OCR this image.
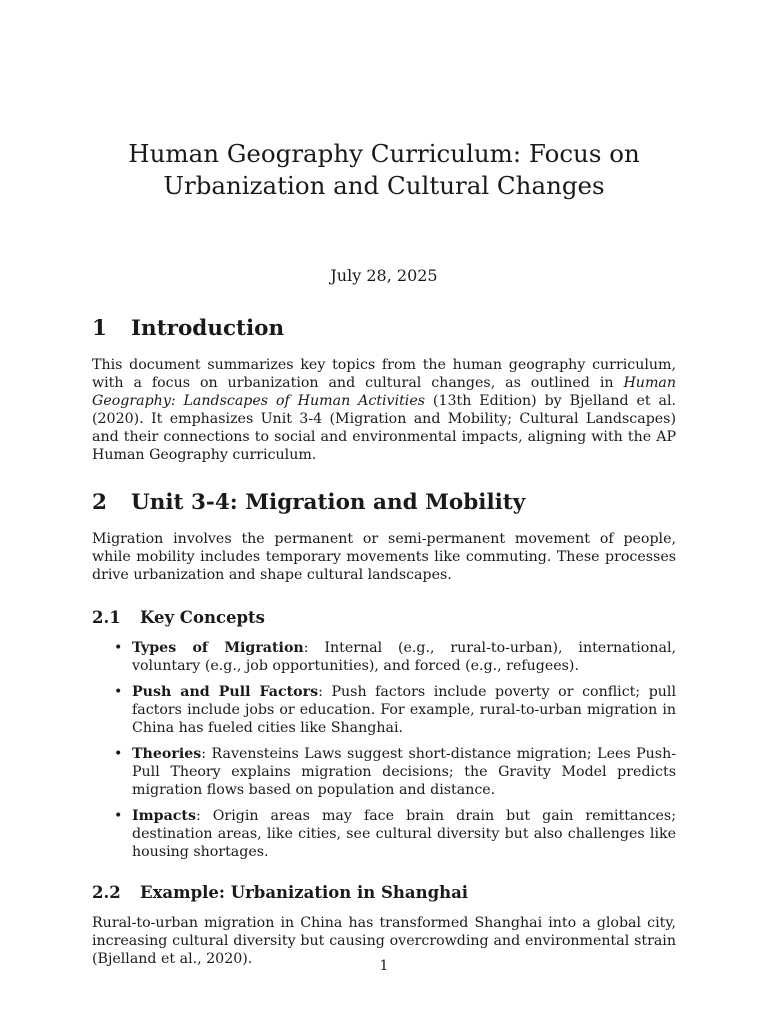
Human Geography Curriculum: Focus on
Urbanization and Cultural Changes
July 28, 2025
1 Introduction

This document summarizes key topics from the human geography curriculum, with a focus on urbanization and cultural changes, as outlined in Human Geography: Landscapes of Human Activities (13th Edition) by Bjelland et al. (2020). It emphasizes Unit 3-4 (Migration and Mobility; Cultural Landscapes) and their connections to social and environmental impacts, aligning with the AP Human Geography curriculum.

2 Unit 3-4: Migration and Mobility

Migration involves the permanent or semi-permanent movement of people, while mobility includes temporary movements like commuting. These processes drive urbanization and shape cultural landscapes.

2.1 Key Concepts
• Types of Migration: Internal (e.g., rural-to-urban), international, voluntary (e.g., job opportunities), and forced (e.g., refugees).
• Push and Pull Factors: Push factors include poverty or conflict; pull factors include jobs or education. For example, rural-to-urban migration in China has fueled cities like Shanghai.
• Theories: Ravensteins Laws suggest short-distance migration; Lees Push-Pull Theory explains migration decisions; the Gravity Model predicts migration flows based on population and distance.
• Impacts: Origin areas may face brain drain but gain remittances; destination areas, like cities, see cultural diversity but also challenges like housing shortages.
2.2 Example: Urbanization in Shanghai

Rural-to-urban migration in China has transformed Shanghai into a global city, increasing cultural diversity but causing overcrowding and environmental strain (Bjelland et al., 2020).	1
